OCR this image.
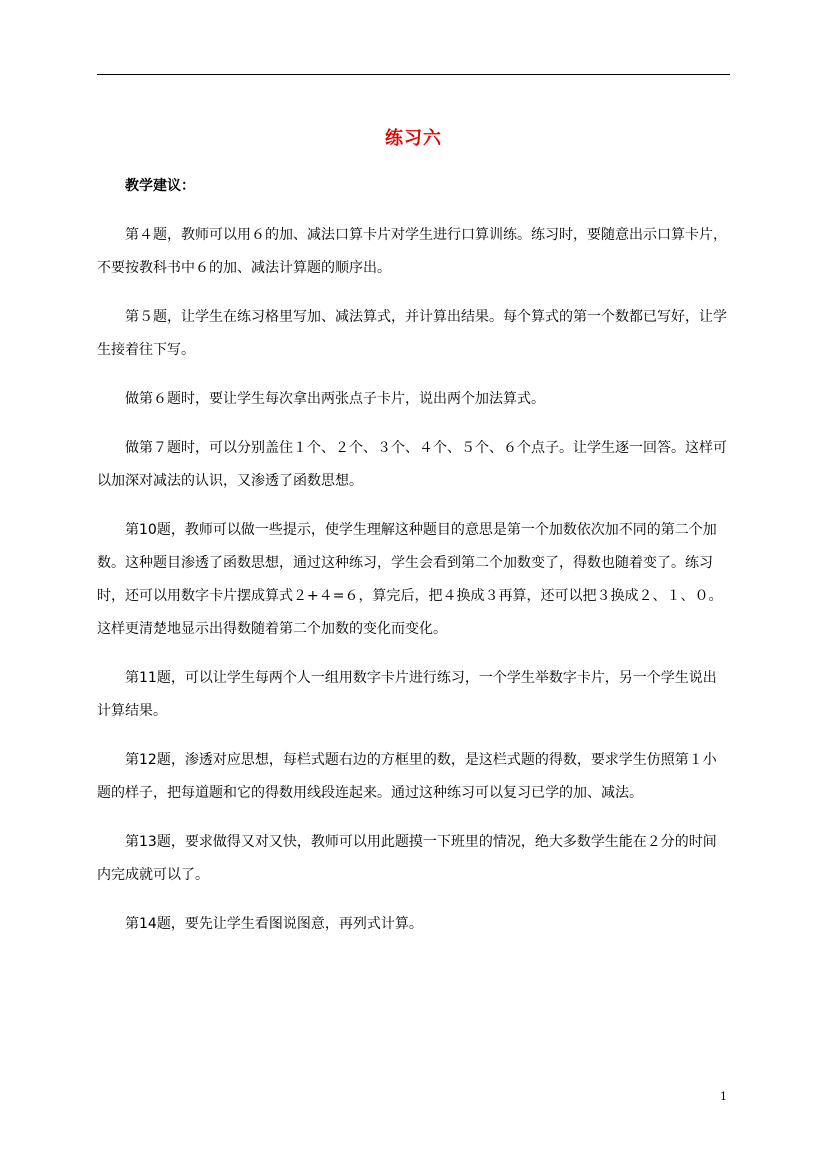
练习六

教学建议：

第４题，教师可以用６的加、减法口算卡片对学生进行口算训练。练习时，要随意出示口算卡片，不要按教科书中６的加、减法计算题的顺序出。

第５题，让学生在练习格里写加、减法算式，并计算出结果。每个算式的第一个数都已写好，让学生接着往下写。

做第６题时，要让学生每次拿出两张点子卡片，说出两个加法算式。

做第７题时，可以分别盖住１个、２个、３个、４个、５个、６个点子。让学生逐一回答。这样可以加深对减法的认识，又渗透了函数思想。

第10题，教师可以做一些提示，使学生理解这种题目的意思是第一个加数依次加不同的第二个加数。这种题目渗透了函数思想，通过这种练习，学生会看到第二个加数变了，得数也随着变了。练习时，还可以用数字卡片摆成算式２+４=６，算完后，把４换成３再算，还可以把３换成２、１、０。这样更清楚地显示出得数随着第二个加数的变化而变化。

第11题，可以让学生每两个人一组用数字卡片进行练习，一个学生举数字卡片，另一个学生说出计算结果。

第12题，渗透对应思想，每栏式题右边的方框里的数，是这栏式题的得数，要求学生仿照第１小题的样子，把每道题和它的得数用线段连起来。通过这种练习可以复习已学的加、减法。

第13题，要求做得又对又快，教师可以用此题摸一下班里的情况，绝大多数学生能在２分的时间内完成就可以了。

第14题，要先让学生看图说图意，再列式计算。

1
